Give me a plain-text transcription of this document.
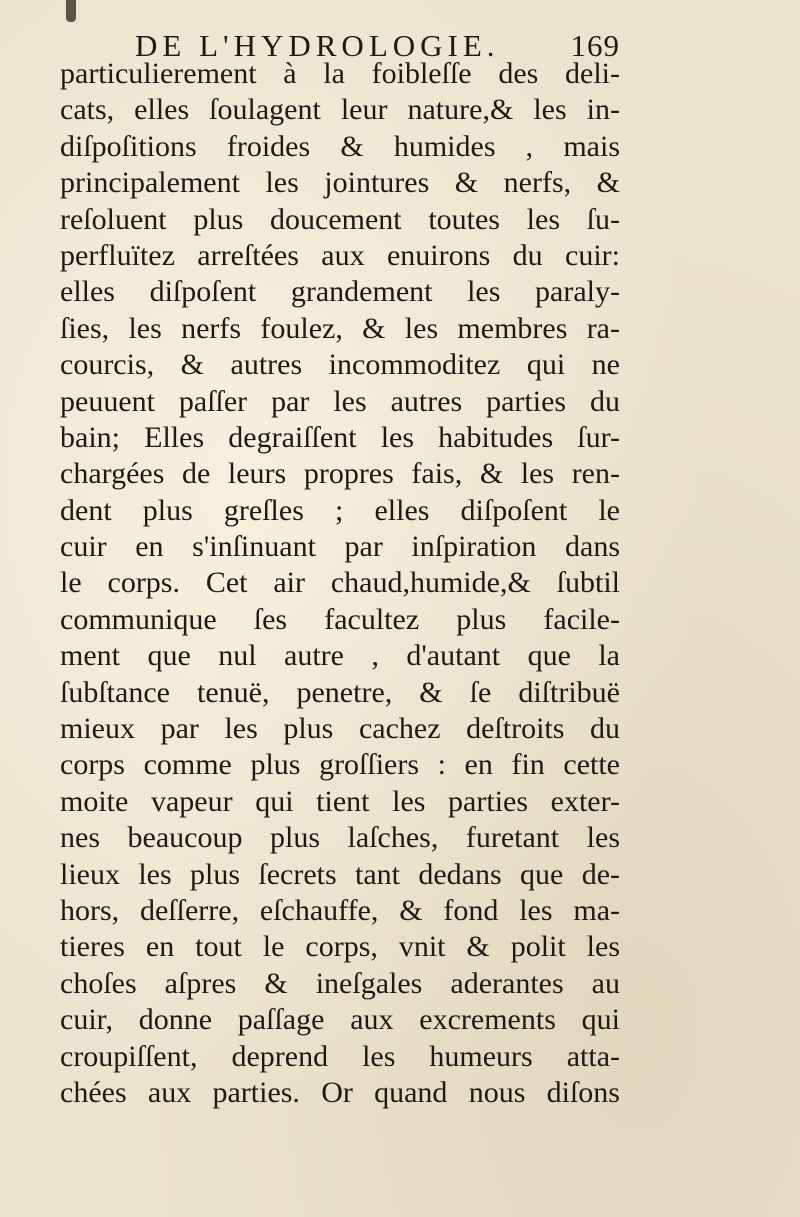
DE L'HYDROLOGIE.	169
particulierement à la foibleſſe des deli-
cats, elles ſoulagent leur nature,& les in-
diſpoſitions froides & humides , mais
principalement les jointures & nerfs, &
reſoluent plus doucement toutes les ſu-
perfluïtez arreſtées aux enuirons du cuir:
elles diſpoſent grandement les paraly-
ſies, les nerfs foulez, & les membres ra-
courcis, & autres incommoditez qui ne
peuuent paſſer par les autres parties du
bain; Elles degraiſſent les habitudes ſur-
chargées de leurs propres fais, & les ren-
dent plus greſles ; elles diſpoſent le
cuir en s'inſinuant par inſpiration dans
le corps. Cet air chaud,humide,& ſubtil
communique ſes facultez plus facile-
ment que nul autre , d'autant que la
ſubſtance tenuë, penetre, & ſe diſtribuë
mieux par les plus cachez deſtroits du
corps comme plus groſſiers : en fin cette
moite vapeur qui tient les parties exter-
nes beaucoup plus laſches, furetant les
lieux les plus ſecrets tant dedans que de-
hors, deſſerre, eſchauffe, & fond les ma-
tieres en tout le corps, vnit & polit les
choſes aſpres & ineſgales aderantes au
cuir, donne paſſage aux excrements qui
croupiſſent, deprend les humeurs atta-
chées aux parties. Or quand nous diſons
